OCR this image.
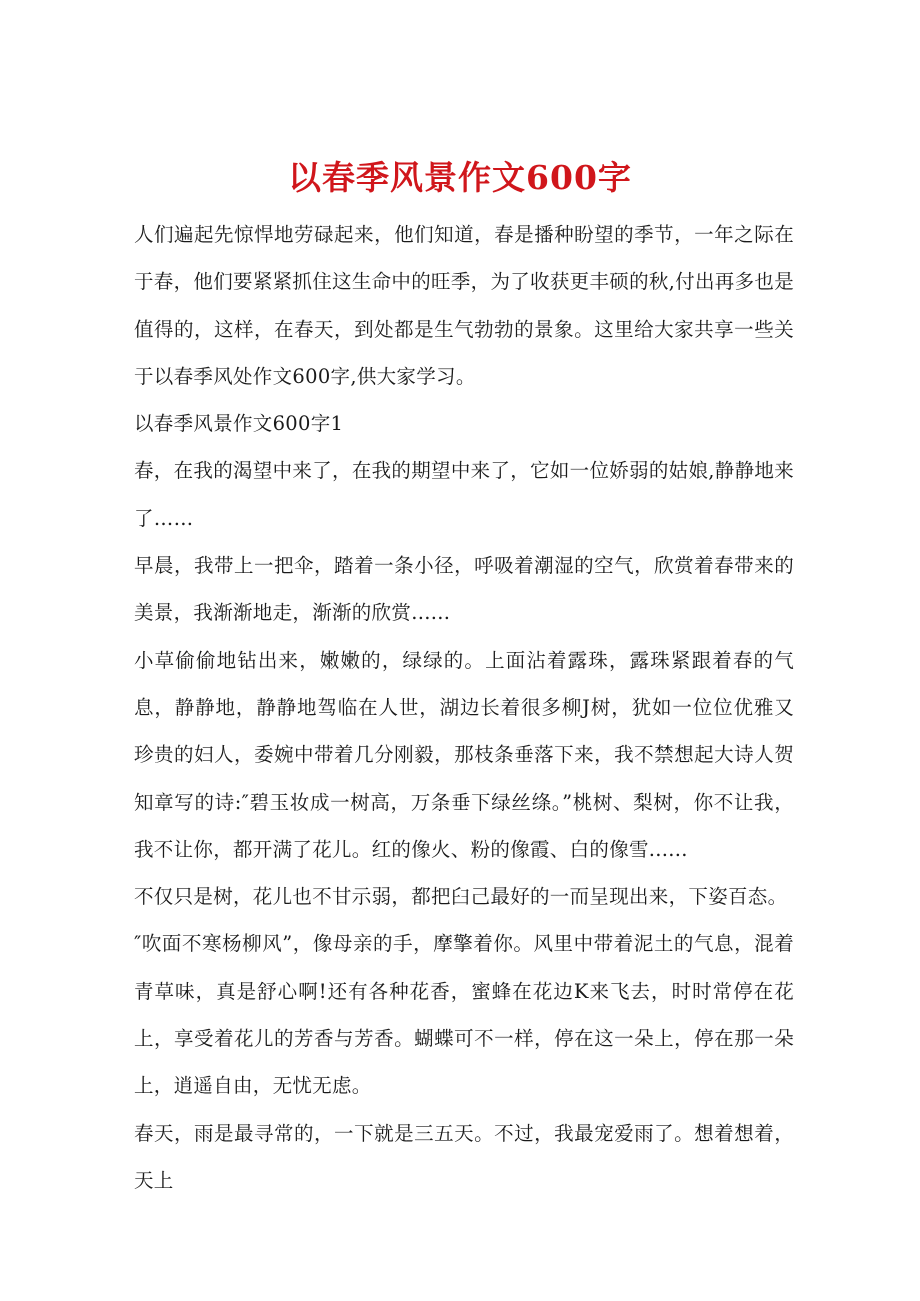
以春季风景作文600字

人们遍起先惊悍地劳碌起来，他们知道，春是播种盼望的季节，一年之际在于春，他们要紧紧抓住这生命中的旺季，为了收获更丰硕的秋,付出再多也是值得的，这样，在春天，到处都是生气勃勃的景象。这里给大家共享一些关于以春季风处作文600字,供大家学习。

以春季风景作文600字1

春，在我的渴望中来了，在我的期望中来了，它如一位娇弱的姑娘,静静地来了……

早晨，我带上一把伞，踏着一条小径，呼吸着潮湿的空气，欣赏着春带来的美景，我渐渐地走，渐渐的欣赏......

小草偷偷地钻出来，嫩嫩的，绿绿的。上面沾着露珠，露珠紧跟着春的气息，静静地，静静地驾临在人世，湖边长着很多柳J树，犹如一位位优雅又珍贵的妇人，委婉中带着几分刚毅，那枝条垂落下来，我不禁想起大诗人贺知章写的诗:″碧玉妆成一树高，万条垂下绿丝绦。”桃树、梨树，你不让我，我不让你，都开满了花儿。红的像火、粉的像霞、白的像雪......

不仅只是树，花儿也不甘示弱，都把臼己最好的一而呈现出来，下姿百态。

″吹面不寒杨柳风”，像母亲的手，摩擎着你。风里中带着泥土的气息，混着青草味，真是舒心啊!还有各种花香，蜜蜂在花边K来飞去，时时常停在花上，享受着花儿的芳香与芳香。蝴蝶可不一样，停在这一朵上，停在那一朵上，逍遥自由，无忧无虑。

春天，雨是最寻常的，一下就是三五天。不过，我最宠爱雨了。想着想着，天上
